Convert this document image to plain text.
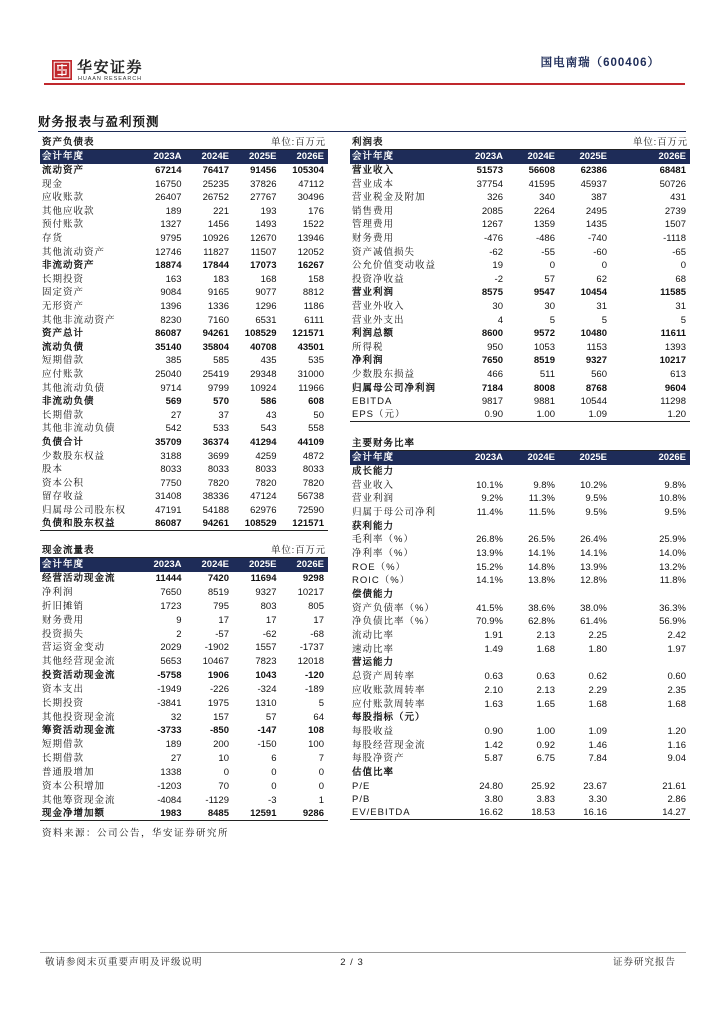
华安证券
HUAAN RESEARCH
国电南瑞（600406）
财务报表与盈利预测
资产负债表	单位:百万元
会计年度	2023A	2024E	2025E	2026E
流动资产	67214	76417	91456	105304
现金	16750	25235	37826	47112
应收账款	26407	26752	27767	30496
其他应收款	189	221	193	176
预付账款	1327	1456	1493	1522
存货	9795	10926	12670	13946
其他流动资产	12746	11827	11507	12052
非流动资产	18874	17844	17073	16267
长期投资	163	183	168	158
固定资产	9084	9165	9077	8812
无形资产	1396	1336	1296	1186
其他非流动资产	8230	7160	6531	6111
资产总计	86087	94261	108529	121571
流动负债	35140	35804	40708	43501
短期借款	385	585	435	535
应付账款	25040	25419	29348	31000
其他流动负债	9714	9799	10924	11966
非流动负债	569	570	586	608
长期借款	27	37	43	50
其他非流动负债	542	533	543	558
负债合计	35709	36374	41294	44109
少数股东权益	3188	3699	4259	4872
股本	8033	8033	8033	8033
资本公积	7750	7820	7820	7820
留存收益	31408	38336	47124	56738
归属母公司股东权	47191	54188	62976	72590
负债和股东权益	86087	94261	108529	121571
利润表	单位:百万元
会计年度	2023A	2024E	2025E	2026E
营业收入	51573	56608	62386	68481
营业成本	37754	41595	45937	50726
营业税金及附加	326	340	387	431
销售费用	2085	2264	2495	2739
管理费用	1267	1359	1435	1507
财务费用	-476	-486	-740	-1118
资产减值损失	-62	-55	-60	-65
公允价值变动收益	19	0	0	0
投资净收益	-2	57	62	68
营业利润	8575	9547	10454	11585
营业外收入	30	30	31	31
营业外支出	4	5	5	5
利润总额	8600	9572	10480	11611
所得税	950	1053	1153	1393
净利润	7650	8519	9327	10217
少数股东损益	466	511	560	613
归属母公司净利润	7184	8008	8768	9604
EBITDA	9817	9881	10544	11298
EPS（元）	0.90	1.00	1.09	1.20
主要财务比率
会计年度	2023A	2024E	2025E	2026E
成长能力
营业收入	10.1%	9.8%	10.2%	9.8%
营业利润	9.2%	11.3%	9.5%	10.8%
归属于母公司净利	11.4%	11.5%	9.5%	9.5%
获利能力
毛利率（%）	26.8%	26.5%	26.4%	25.9%
净利率（%）	13.9%	14.1%	14.1%	14.0%
ROE（%）	15.2%	14.8%	13.9%	13.2%
ROIC（%）	14.1%	13.8%	12.8%	11.8%
偿债能力
资产负债率（%）	41.5%	38.6%	38.0%	36.3%
净负债比率（%）	70.9%	62.8%	61.4%	56.9%
流动比率	1.91	2.13	2.25	2.42
速动比率	1.49	1.68	1.80	1.97
营运能力
总资产周转率	0.63	0.63	0.62	0.60
应收账款周转率	2.10	2.13	2.29	2.35
应付账款周转率	1.63	1.65	1.68	1.68
每股指标（元）
每股收益	0.90	1.00	1.09	1.20
每股经营现金流	1.42	0.92	1.46	1.16
每股净资产	5.87	6.75	7.84	9.04
估值比率
P/E	24.80	25.92	23.67	21.61
P/B	3.80	3.83	3.30	2.86
EV/EBITDA	16.62	18.53	16.16	14.27
现金流量表	单位:百万元
会计年度	2023A	2024E	2025E	2026E
经营活动现金流	11444	7420	11694	9298
净利润	7650	8519	9327	10217
折旧摊销	1723	795	803	805
财务费用	9	17	17	17
投资损失	2	-57	-62	-68
营运资金变动	2029	-1902	1557	-1737
其他经营现金流	5653	10467	7823	12018
投资活动现金流	-5758	1906	1043	-120
资本支出	-1949	-226	-324	-189
长期投资	-3841	1975	1310	5
其他投资现金流	32	157	57	64
筹资活动现金流	-3733	-850	-147	108
短期借款	189	200	-150	100
长期借款	27	10	6	7
普通股增加	1338	0	0	0
资本公积增加	-1203	70	0	0
其他筹资现金流	-4084	-1129	-3	1
现金净增加额	1983	8485	12591	9286
资料来源：公司公告，华安证券研究所
敬请参阅末页重要声明及评级说明	2 / 3	证券研究报告
